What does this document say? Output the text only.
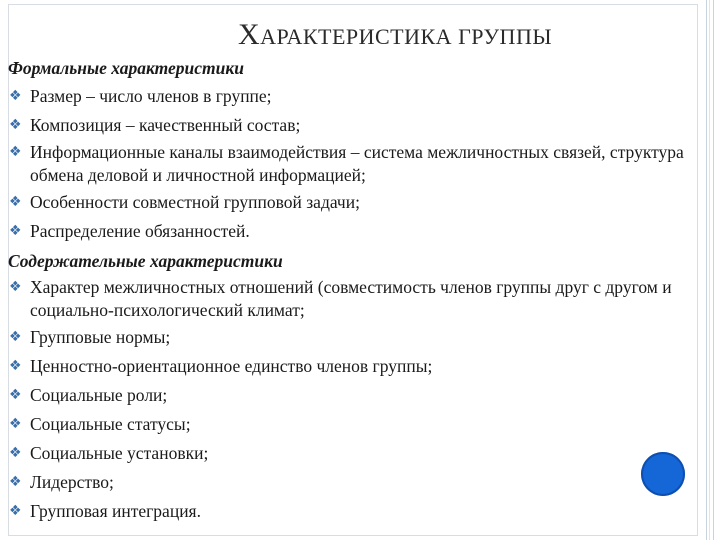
ХАРАКТЕРИСТИКА ГРУППЫ

Формальные характеристики

❖ Размер – число членов в группе;
❖ Композиция – качественный состав;
❖ Информационные каналы взаимодействия – система межличностных связей, структура обмена деловой и личностной информацией;
❖ Особенности совместной групповой задачи;
❖ Распределение обязанностей.

Содержательные характеристики

❖ Характер межличностных отношений (совместимость членов группы друг с другом и социально-психологический климат;
❖ Групповые нормы;
❖ Ценностно-ориентационное единство членов группы;
❖ Социальные роли;
❖ Социальные статусы;
❖ Социальные установки;
❖ Лидерство;
❖ Групповая интеграция.
